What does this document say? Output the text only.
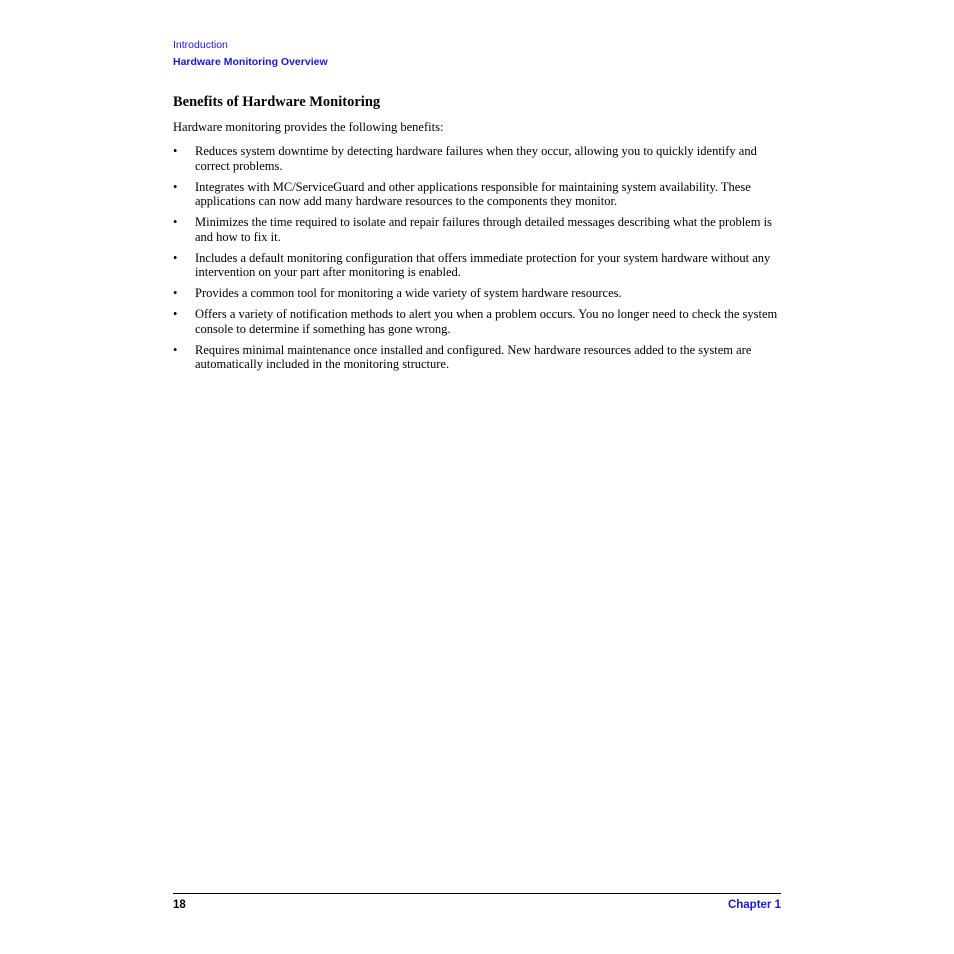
Introduction
Hardware Monitoring Overview
Benefits of Hardware Monitoring

Hardware monitoring provides the following benefits:

• Reduces system downtime by detecting hardware failures when they occur, allowing you to quickly identify and correct problems.
• Integrates with MC/ServiceGuard and other applications responsible for maintaining system availability. These applications can now add many hardware resources to the components they monitor.
• Minimizes the time required to isolate and repair failures through detailed messages describing what the problem is and how to fix it.
• Includes a default monitoring configuration that offers immediate protection for your system hardware without any intervention on your part after monitoring is enabled.
• Provides a common tool for monitoring a wide variety of system hardware resources.
• Offers a variety of notification methods to alert you when a problem occurs. You no longer need to check the system console to determine if something has gone wrong.
• Requires minimal maintenance once installed and configured. New hardware resources added to the system are automatically included in the monitoring structure.
18	Chapter 1
